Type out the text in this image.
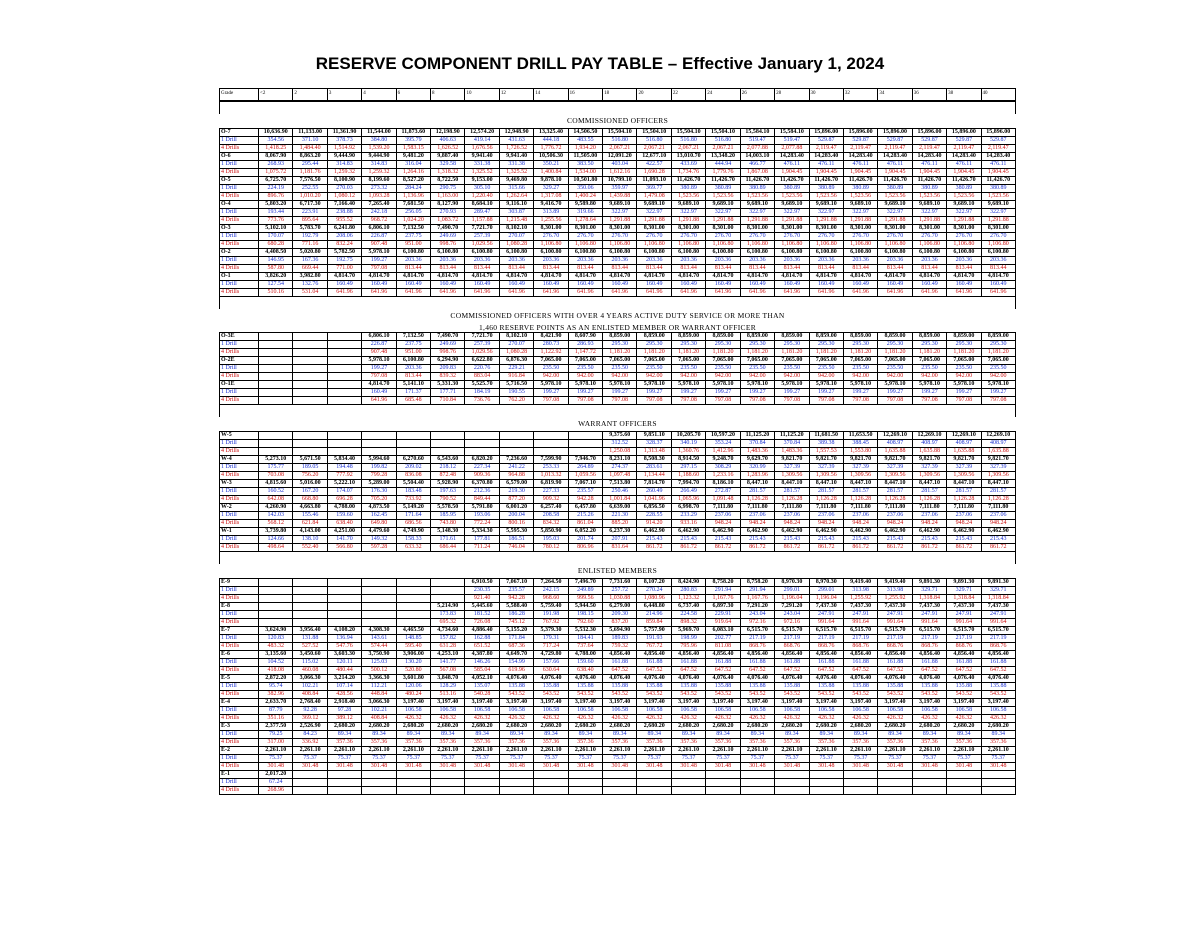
RESERVE COMPONENT DRILL PAY TABLE – Effective January 1, 2024
Grade	<2	2	3	4	6	8	10	12	14	16	18	20	22	24	26	28	30	32	34	36	38	40

COMMISSIONED OFFICERS																						
O-7	10,636.90	11,133.00	11,361.90	11,544.00	11,873.60	12,198.90	12,574.20	12,948.90	13,325.40	14,506.50	15,504.10	15,504.10	15,504.10	15,504.10	15,584.10	15,584.10	15,896.00	15,896.00	15,896.00	15,896.00	15,896.00	15,896.00
1 Drill	354.56	371.10	378.73	384.80	395.79	406.63	419.14	431.63	444.18	483.55	516.80	516.80	516.80	516.80	519.47	519.47	529.87	529.87	529.87	529.87	529.87	529.87
4 Drills	1,418.25	1,484.40	1,514.92	1,539.20	1,583.15	1,626.52	1,676.56	1,726.52	1,776.72	1,934.20	2,067.21	2,067.21	2,067.21	2,067.21	2,077.88	2,077.88	2,119.47	2,119.47	2,119.47	2,119.47	2,119.47	2,119.47
O-6	8,067.90	8,863.20	9,444.90	9,444.90	9,481.20	9,887.40	9,941.40	9,941.40	10,506.30	11,505.00	12,091.20	12,677.10	13,010.70	13,348.20	14,003.10	14,283.40	14,283.40	14,283.40	14,283.40	14,283.40	14,283.40	14,283.40
1 Drill	268.93	295.44	314.83	314.83	316.04	329.58	331.38	331.38	350.21	383.50	403.04	422.57	433.69	444.94	466.77	476.11	476.11	476.11	476.11	476.11	476.11	476.11
4 Drills	1,075.72	1,181.76	1,259.32	1,259.32	1,264.16	1,318.32	1,325.52	1,325.52	1,400.84	1,534.00	1,612.16	1,690.28	1,734.76	1,779.76	1,867.08	1,904.45	1,904.45	1,904.45	1,904.45	1,904.45	1,904.45	1,904.45
O-5	6,725.70	7,576.50	8,100.90	8,199.60	8,527.20	8,722.50	9,153.00	9,469.80	9,878.10	10,501.80	10,799.10	11,093.10	11,426.70	11,426.70	11,426.70	11,426.70	11,426.70	11,426.70	11,426.70	11,426.70	11,426.70	11,426.70
1 Drill	224.19	252.55	270.03	273.32	284.24	290.75	305.10	315.66	329.27	350.06	359.97	369.77	380.89	380.89	380.89	380.89	380.89	380.89	380.89	380.89	380.89	380.89
4 Drills	896.76	1,010.20	1,080.12	1,093.28	1,136.96	1,163.00	1,220.40	1,262.64	1,317.08	1,400.24	1,439.88	1,479.08	1,523.56	1,523.56	1,523.56	1,523.56	1,523.56	1,523.56	1,523.56	1,523.56	1,523.56	1,523.56
O-4	5,803.20	6,717.30	7,166.40	7,265.40	7,681.50	8,127.90	8,684.10	9,116.10	9,416.70	9,589.80	9,689.10	9,689.10	9,689.10	9,689.10	9,689.10	9,689.10	9,689.10	9,689.10	9,689.10	9,689.10	9,689.10	9,689.10
1 Drill	193.44	223.91	238.88	242.18	256.05	270.93	289.47	303.87	313.89	319.66	322.97	322.97	322.97	322.97	322.97	322.97	322.97	322.97	322.97	322.97	322.97	322.97
4 Drills	773.76	895.64	955.52	968.72	1,024.20	1,083.72	1,157.88	1,215.48	1,255.56	1,278.64	1,291.88	1,291.88	1,291.88	1,291.88	1,291.88	1,291.88	1,291.88	1,291.88	1,291.88	1,291.88	1,291.88	1,291.88
O-3	5,102.10	5,783.70	6,241.80	6,806.10	7,132.50	7,490.70	7,721.70	8,102.10	8,301.00	8,301.00	8,301.00	8,301.00	8,301.00	8,301.00	8,301.00	8,301.00	8,301.00	8,301.00	8,301.00	8,301.00	8,301.00	8,301.00
1 Drill	170.07	192.79	208.06	226.87	237.75	249.69	257.39	270.07	276.70	276.70	276.70	276.70	276.70	276.70	276.70	276.70	276.70	276.70	276.70	276.70	276.70	276.70
4 Drills	680.28	771.16	832.24	907.48	951.00	998.76	1,029.56	1,080.28	1,106.80	1,106.80	1,106.80	1,106.80	1,106.80	1,106.80	1,106.80	1,106.80	1,106.80	1,106.80	1,106.80	1,106.80	1,106.80	1,106.80
O-2	4,408.50	5,020.80	5,782.50	5,978.10	6,100.80	6,100.80	6,100.80	6,100.80	6,100.80	6,100.80	6,100.80	6,100.80	6,100.80	6,100.80	6,100.80	6,100.80	6,100.80	6,100.80	6,100.80	6,100.80	6,100.80	6,100.80
1 Drill	146.95	167.36	192.75	199.27	203.36	203.36	203.36	203.36	203.36	203.36	203.36	203.36	203.36	203.36	203.36	203.36	203.36	203.36	203.36	203.36	203.36	203.36
4 Drills	587.80	669.44	771.00	797.08	813.44	813.44	813.44	813.44	813.44	813.44	813.44	813.44	813.44	813.44	813.44	813.44	813.44	813.44	813.44	813.44	813.44	813.44
O-1	3,826.20	3,982.80	4,814.70	4,814.70	4,814.70	4,814.70	4,814.70	4,814.70	4,814.70	4,814.70	4,814.70	4,814.70	4,814.70	4,814.70	4,814.70	4,814.70	4,814.70	4,814.70	4,814.70	4,814.70	4,814.70	4,814.70
1 Drill	127.54	132.76	160.49	160.49	160.49	160.49	160.49	160.49	160.49	160.49	160.49	160.49	160.49	160.49	160.49	160.49	160.49	160.49	160.49	160.49	160.49	160.49
4 Drills	510.16	531.04	641.96	641.96	641.96	641.96	641.96	641.96	641.96	641.96	641.96	641.96	641.96	641.96	641.96	641.96	641.96	641.96	641.96	641.96	641.96	641.96

COMMISSIONED OFFICERS WITH OVER 4 YEARS ACTIVE DUTY SERVICE OR MORE THAN																						
1,460 RESERVE POINTS AS AN ENLISTED MEMBER OR WARRANT OFFICER																						
O-3E				6,806.10	7,132.50	7,490.70	7,721.70	8,102.10	8,421.90	8,607.90	8,859.00	8,859.00	8,859.00	8,859.00	8,859.00	8,859.00	8,859.00	8,859.00	8,859.00	8,859.00	8,859.00	8,859.00
1 Drill				226.87	237.75	249.69	257.39	270.07	280.73	286.93	295.30	295.30	295.30	295.30	295.30	295.30	295.30	295.30	295.30	295.30	295.30	295.30
4 Drills				907.48	951.00	998.76	1,029.56	1,080.28	1,122.92	1,147.72	1,181.20	1,181.20	1,181.20	1,181.20	1,181.20	1,181.20	1,181.20	1,181.20	1,181.20	1,181.20	1,181.20	1,181.20
O-2E				5,978.10	6,100.80	6,294.90	6,622.80	6,876.30	7,065.00	7,065.00	7,065.00	7,065.00	7,065.00	7,065.00	7,065.00	7,065.00	7,065.00	7,065.00	7,065.00	7,065.00	7,065.00	7,065.00
1 Drill				199.27	203.36	209.83	220.76	229.21	235.50	235.50	235.50	235.50	235.50	235.50	235.50	235.50	235.50	235.50	235.50	235.50	235.50	235.50
4 Drills				797.08	813.44	839.32	883.04	916.84	942.00	942.00	942.00	942.00	942.00	942.00	942.00	942.00	942.00	942.00	942.00	942.00	942.00	942.00
O-1E				4,814.70	5,141.10	5,331.30	5,525.70	5,716.50	5,978.10	5,978.10	5,978.10	5,978.10	5,978.10	5,978.10	5,978.10	5,978.10	5,978.10	5,978.10	5,978.10	5,978.10	5,978.10	5,978.10
1 Drill				160.49	171.37	177.71	184.19	190.55	199.27	199.27	199.27	199.27	199.27	199.27	199.27	199.27	199.27	199.27	199.27	199.27	199.27	199.27
4 Drills				641.96	685.48	710.84	736.76	762.20	797.08	797.08	797.08	797.08	797.08	797.08	797.08	797.08	797.08	797.08	797.08	797.08	797.08	797.08

WARRANT OFFICERS																						
W-5											9,375.60	9,851.10	10,205.70	10,597.20	11,125.20	11,125.20	11,681.50	11,653.50	12,269.10	12,269.10	12,269.10	12,269.10
1 Drill											312.52	328.37	340.19	353.24	370.84	370.84	389.38	388.45	408.97	408.97	408.97	408.97
4 Drills											1,250.08	1,313.48	1,360.76	1,412.96	1,483.36	1,483.36	1,557.53	1,553.80	1,635.88	1,635.88	1,635.88	1,635.88
W-4	5,273.10	5,671.50	5,834.40	5,994.60	6,270.60	6,543.60	6,820.20	7,236.60	7,599.90	7,946.70	8,231.10	8,508.30	8,914.50	9,248.70	9,629.70	9,821.70	9,821.70	9,821.70	9,821.70	9,821.70	9,821.70	9,821.70
1 Drill	175.77	189.05	194.48	199.82	209.02	218.12	227.34	241.22	253.33	264.89	274.37	283.61	297.15	308.29	320.99	327.39	327.39	327.39	327.39	327.39	327.39	327.39
4 Drills	703.08	756.20	777.92	799.28	836.08	872.48	909.36	964.88	1,013.32	1,059.56	1,097.48	1,134.44	1,188.60	1,233.16	1,283.96	1,309.56	1,309.56	1,309.56	1,309.56	1,309.56	1,309.56	1,309.56
W-3	4,815.60	5,016.00	5,222.10	5,289.00	5,504.40	5,928.90	6,370.80	6,579.00	6,819.90	7,067.10	7,513.80	7,814.70	7,994.70	8,186.10	8,447.10	8,447.10	8,447.10	8,447.10	8,447.10	8,447.10	8,447.10	8,447.10
1 Drill	160.52	167.20	174.07	176.30	183.48	197.63	212.36	219.30	227.33	235.57	250.46	260.49	266.49	272.87	281.57	281.57	281.57	281.57	281.57	281.57	281.57	281.57
4 Drills	642.08	668.80	696.28	705.20	733.92	790.52	849.44	877.20	909.32	942.28	1,001.84	1,041.96	1,065.96	1,091.48	1,126.28	1,126.28	1,126.28	1,126.28	1,126.28	1,126.28	1,126.28	1,126.28
W-2	4,260.90	4,663.80	4,788.00	4,873.50	5,149.20	5,578.50	5,791.80	6,001.20	6,257.40	6,457.80	6,639.00	6,856.50	6,998.70	7,111.80	7,111.80	7,111.80	7,111.80	7,111.80	7,111.80	7,111.80	7,111.80	7,111.80
1 Drill	142.03	155.46	159.60	162.45	171.64	185.95	193.06	200.04	208.58	215.26	221.30	228.55	233.29	237.06	237.06	237.06	237.06	237.06	237.06	237.06	237.06	237.06
4 Drills	568.12	621.84	638.40	649.80	686.56	743.80	772.24	800.16	834.32	861.04	885.20	914.20	933.16	948.24	948.24	948.24	948.24	948.24	948.24	948.24	948.24	948.24
W-1	3,739.80	4,143.00	4,251.00	4,479.60	4,749.90	5,148.30	5,334.30	5,595.30	5,850.90	6,052.20	6,237.30	6,462.90	6,462.90	6,462.90	6,462.90	6,462.90	6,462.90	6,462.90	6,462.90	6,462.90	6,462.90	6,462.90
1 Drill	124.66	138.10	141.70	149.32	158.33	171.61	177.81	186.51	195.03	201.74	207.91	215.43	215.43	215.43	215.43	215.43	215.43	215.43	215.43	215.43	215.43	215.43
4 Drills	498.64	552.40	566.80	597.28	633.32	686.44	711.24	746.04	780.12	806.96	831.64	861.72	861.72	861.72	861.72	861.72	861.72	861.72	861.72	861.72	861.72	861.72

ENLISTED MEMBERS																						
E-9							6,910.50	7,067.10	7,264.50	7,496.70	7,731.60	8,107.20	8,424.90	8,758.20	8,758.20	8,970.30	8,970.30	9,419.40	9,419.40	9,891.30	9,891.30	9,891.30
1 Drill							230.35	235.57	242.15	249.89	257.72	270.24	280.83	291.94	291.94	299.01	299.01	313.98	313.98	329.71	329.71	329.71
4 Drills							921.40	942.28	968.60	999.56	1,030.88	1,080.96	1,123.32	1,167.76	1,167.76	1,196.04	1,196.04	1,255.92	1,255.92	1,318.84	1,318.84	1,318.84
E-8						5,214.90	5,445.60	5,588.40	5,759.40	5,944.50	6,279.00	6,448.80	6,737.40	6,897.30	7,291.20	7,291.20	7,437.30	7,437.30	7,437.30	7,437.30	7,437.30	7,437.30
1 Drill						173.83	181.52	186.28	191.98	198.15	209.30	214.96	224.58	229.91	243.04	243.04	247.91	247.91	247.91	247.91	247.91	247.91
4 Drills						695.32	726.08	745.12	767.92	792.60	837.20	859.84	898.32	919.64	972.16	972.16	991.64	991.64	991.64	991.64	991.64	991.64
E-7	3,624.90	3,956.40	4,108.20	4,308.30	4,465.50	4,734.60	4,886.40	5,155.20	5,379.30	5,532.30	5,694.90	5,757.90	5,969.70	6,083.10	6,515.70	6,515.70	6,515.70	6,515.70	6,515.70	6,515.70	6,515.70	6,515.70
1 Drill	120.83	131.88	136.94	143.61	148.85	157.82	162.88	171.84	179.31	184.41	189.83	191.93	198.99	202.77	217.19	217.19	217.19	217.19	217.19	217.19	217.19	217.19
4 Drills	483.32	527.52	547.76	574.44	595.40	631.28	651.52	687.36	717.24	737.64	759.32	767.72	795.96	811.08	868.76	868.76	868.76	868.76	868.76	868.76	868.76	868.76
E-6	3,135.60	3,450.60	3,603.30	3,750.90	3,906.00	4,253.10	4,387.80	4,649.70	4,729.80	4,788.00	4,856.40	4,856.40	4,856.40	4,856.40	4,856.40	4,856.40	4,856.40	4,856.40	4,856.40	4,856.40	4,856.40	4,856.40
1 Drill	104.52	115.02	120.11	125.03	130.20	141.77	146.26	154.99	157.66	159.60	161.88	161.88	161.88	161.88	161.88	161.88	161.88	161.88	161.88	161.88	161.88	161.88
4 Drills	418.08	460.08	480.44	500.12	520.80	567.08	585.04	619.96	630.64	638.40	647.52	647.52	647.52	647.52	647.52	647.52	647.52	647.52	647.52	647.52	647.52	647.52
E-5	2,872.20	3,066.30	3,214.20	3,366.30	3,601.80	3,848.70	4,052.10	4,076.40	4,076.40	4,076.40	4,076.40	4,076.40	4,076.40	4,076.40	4,076.40	4,076.40	4,076.40	4,076.40	4,076.40	4,076.40	4,076.40	4,076.40
1 Drill	95.74	102.21	107.14	112.21	120.06	128.29	135.07	135.88	135.88	135.88	135.88	135.88	135.88	135.88	135.88	135.88	135.88	135.88	135.88	135.88	135.88	135.88
4 Drills	382.96	408.84	428.56	448.84	480.24	513.16	540.28	543.52	543.52	543.52	543.52	543.52	543.52	543.52	543.52	543.52	543.52	543.52	543.52	543.52	543.52	543.52
E-4	2,633.70	2,768.40	2,918.40	3,066.30	3,197.40	3,197.40	3,197.40	3,197.40	3,197.40	3,197.40	3,197.40	3,197.40	3,197.40	3,197.40	3,197.40	3,197.40	3,197.40	3,197.40	3,197.40	3,197.40	3,197.40	3,197.40
1 Drill	87.79	92.28	97.28	102.21	106.58	106.58	106.58	106.58	106.58	106.58	106.58	106.58	106.58	106.58	106.58	106.58	106.58	106.58	106.58	106.58	106.58	106.58
4 Drills	351.16	369.12	389.12	408.84	426.32	426.32	426.32	426.32	426.32	426.32	426.32	426.32	426.32	426.32	426.32	426.32	426.32	426.32	426.32	426.32	426.32	426.32
E-3	2,377.50	2,526.90	2,680.20	2,680.20	2,680.20	2,680.20	2,680.20	2,680.20	2,680.20	2,680.20	2,680.20	2,680.20	2,680.20	2,680.20	2,680.20	2,680.20	2,680.20	2,680.20	2,680.20	2,680.20	2,680.20	2,680.20
1 Drill	79.25	84.23	89.34	89.34	89.34	89.34	89.34	89.34	89.34	89.34	89.34	89.34	89.34	89.34	89.34	89.34	89.34	89.34	89.34	89.34	89.34	89.34
4 Drills	317.00	336.92	357.36	357.36	357.36	357.36	357.36	357.36	357.36	357.36	357.36	357.36	357.36	357.36	357.36	357.36	357.36	357.36	357.36	357.36	357.36	357.36
E-2	2,261.10	2,261.10	2,261.10	2,261.10	2,261.10	2,261.10	2,261.10	2,261.10	2,261.10	2,261.10	2,261.10	2,261.10	2,261.10	2,261.10	2,261.10	2,261.10	2,261.10	2,261.10	2,261.10	2,261.10	2,261.10	2,261.10
1 Drill	75.37	75.37	75.37	75.37	75.37	75.37	75.37	75.37	75.37	75.37	75.37	75.37	75.37	75.37	75.37	75.37	75.37	75.37	75.37	75.37	75.37	75.37
4 Drills	301.48	301.48	301.48	301.48	301.48	301.48	301.48	301.48	301.48	301.48	301.48	301.48	301.48	301.48	301.48	301.48	301.48	301.48	301.48	301.48	301.48	301.48
E-1	2,017.20																					
1 Drill	67.24																					
4 Drills	268.96																					
